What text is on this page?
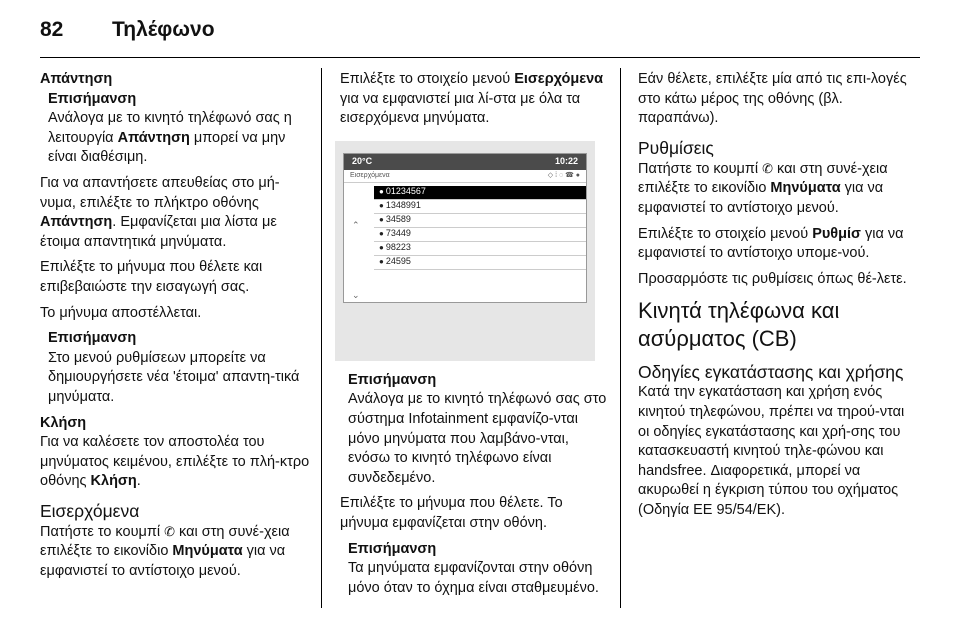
82	Τηλέφωνο
Απάντηση
Επισήμανση
Ανάλογα με το κινητό τηλέφωνό σας η λειτουργία Απάντηση μπορεί να μην είναι διαθέσιμη.

Για να απαντήσετε απευθείας στο μή-νυμα, επιλέξτε το πλήκτρο οθόνης Απάντηση. Εμφανίζεται μια λίστα με έτοιμα απαντητικά μηνύματα.

Επιλέξτε το μήνυμα που θέλετε και επιβεβαιώστε την εισαγωγή σας.

Το μήνυμα αποστέλλεται.

Επισήμανση
Στο μενού ρυθμίσεων μπορείτε να δημιουργήσετε νέα 'έτοιμα' απαντη-τικά μηνύματα.
Κλήση

Για να καλέσετε τον αποστολέα του μηνύματος κειμένου, επιλέξτε το πλή-κτρο οθόνης Κλήση.

Εισερχόμενα

Πατήστε το κουμπί ✆ και στη συνέ-χεια επιλέξτε το εικονίδιο Μηνύματα για να εμφανιστεί το αντίστοιχο μενού.

Επιλέξτε το στοιχείο μενού Εισερχόμενα για να εμφανιστεί μια λί-στα με όλα τα εισερχόμενα μηνύματα.

20°C	10:22
Εισερχόμενα	◇ ⁞ ◌ ☎ ●
⌃
⌄
● 01234567
● 1348991
● 34589
● 73449
● 98223
● 24595
Επισήμανση
Ανάλογα με το κινητό τηλέφωνό σας στο σύστημα Infotainment εμφανίζο-νται μόνο μηνύματα που λαμβάνο-νται, ενόσω το κινητό τηλέφωνο είναι συνδεδεμένο.

Επιλέξτε το μήνυμα που θέλετε. Το μήνυμα εμφανίζεται στην οθόνη.

Επισήμανση
Τα μηνύματα εμφανίζονται στην οθόνη μόνο όταν το όχημα είναι σταθμευμένο.

Εάν θέλετε, επιλέξτε μία από τις επι-λογές στο κάτω μέρος της οθόνης (βλ. παραπάνω).

Ρυθμίσεις

Πατήστε το κουμπί ✆ και στη συνέ-χεια επιλέξτε το εικονίδιο Μηνύματα για να εμφανιστεί το αντίστοιχο μενού.

Επιλέξτε το στοιχείο μενού Ρυθμίσ για να εμφανιστεί το αντίστοιχο υπομε-νού.

Προσαρμόστε τις ρυθμίσεις όπως θέ-λετε.

Κινητά τηλέφωνα και ασύρματος (CB)
Οδηγίες εγκατάστασης και χρήσης

Κατά την εγκατάσταση και χρήση ενός κινητού τηλεφώνου, πρέπει να τηρού-νται οι οδηγίες εγκατάστασης και χρή-σης του κατασκευαστή κινητού τηλε-φώνου και handsfree. Διαφορετικά, μπορεί να ακυρωθεί η έγκριση τύπου του οχήματος (Οδηγία ΕΕ 95/54/ΕΚ).
